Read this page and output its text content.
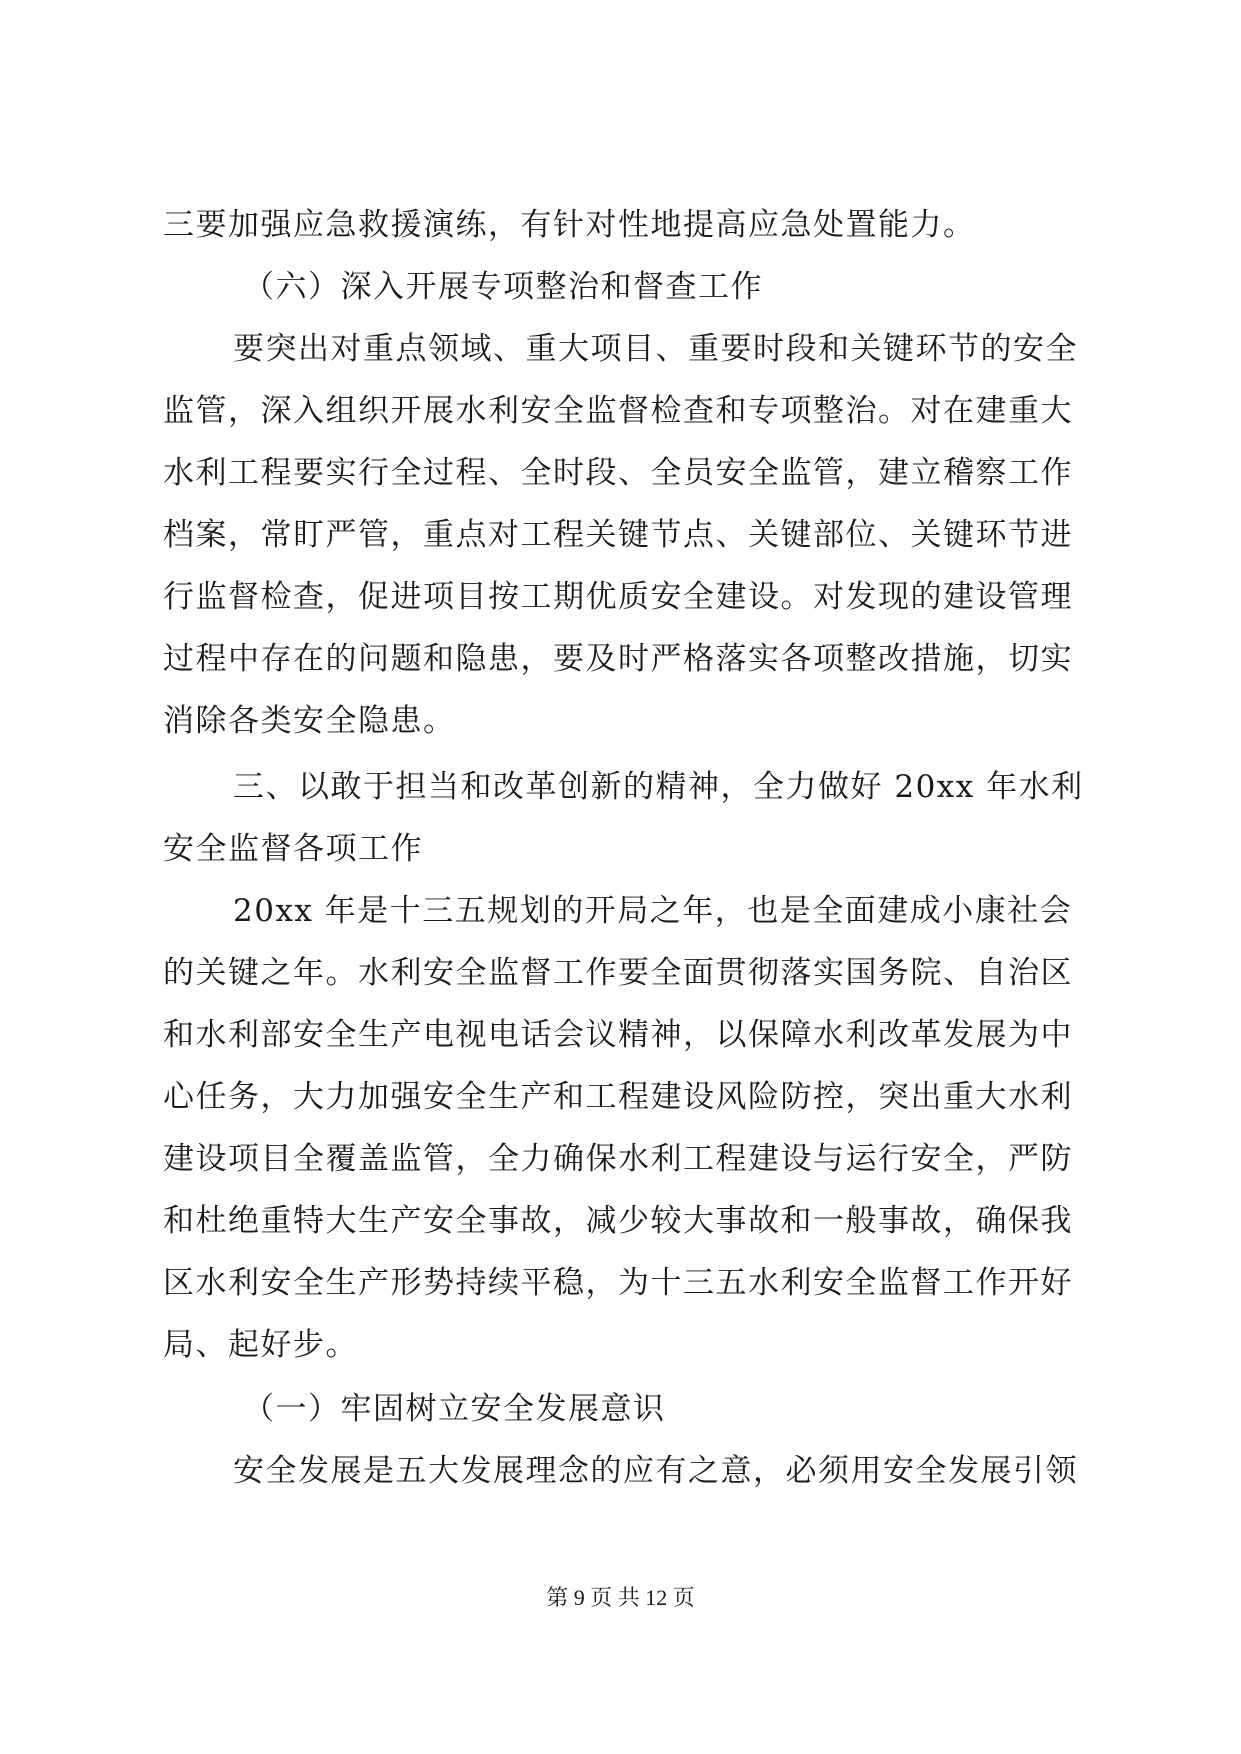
三要加强应急救援演练，有针对性地提高应急处置能力。
（六）深入开展专项整治和督查工作
要突出对重点领域、重大项目、重要时段和关键环节的安全
监管，深入组织开展水利安全监督检查和专项整治。对在建重大
水利工程要实行全过程、全时段、全员安全监管，建立稽察工作
档案，常盯严管，重点对工程关键节点、关键部位、关键环节进
行监督检查，促进项目按工期优质安全建设。对发现的建设管理
过程中存在的问题和隐患，要及时严格落实各项整改措施，切实
消除各类安全隐患。
三、以敢于担当和改革创新的精神，全力做好 20xx 年水利
安全监督各项工作
20xx 年是十三五规划的开局之年，也是全面建成小康社会
的关键之年。水利安全监督工作要全面贯彻落实国务院、自治区
和水利部安全生产电视电话会议精神，以保障水利改革发展为中
心任务，大力加强安全生产和工程建设风险防控，突出重大水利
建设项目全覆盖监管，全力确保水利工程建设与运行安全，严防
和杜绝重特大生产安全事故，减少较大事故和一般事故，确保我
区水利安全生产形势持续平稳，为十三五水利安全监督工作开好
局、起好步。
（一）牢固树立安全发展意识
安全发展是五大发展理念的应有之意，必须用安全发展引领
第 9 页 共 12 页
